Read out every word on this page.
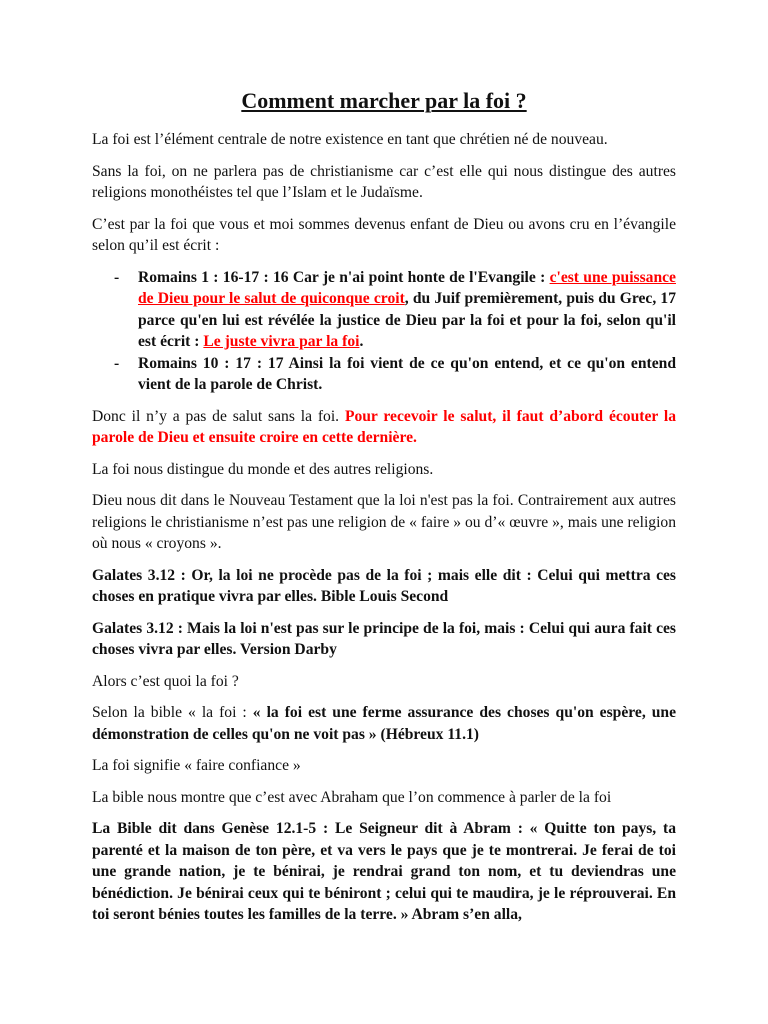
Comment marcher par la foi ?

La foi est l’élément centrale de notre existence en tant que chrétien né de nouveau.

Sans la foi, on ne parlera pas de christianisme car c’est elle qui nous distingue des autres religions monothéistes tel que l’Islam et le Judaïsme.

C’est par la foi que vous et moi sommes devenus enfant de Dieu ou avons cru en l’évangile selon qu’il est écrit :

- Romains 1 : 16-17 : 16 Car je n'ai point honte de l'Evangile : c'est une puissance de Dieu pour le salut de quiconque croit, du Juif premièrement, puis du Grec, 17 parce qu'en lui est révélée la justice de Dieu par la foi et pour la foi, selon qu'il est écrit : Le juste vivra par la foi.
- Romains 10 : 17 : 17 Ainsi la foi vient de ce qu'on entend, et ce qu'on entend vient de la parole de Christ.

Donc il n’y a pas de salut sans la foi. Pour recevoir le salut, il faut d’abord écouter la parole de Dieu et ensuite croire en cette dernière.

La foi nous distingue du monde et des autres religions.

Dieu nous dit dans le Nouveau Testament que la loi n'est pas la foi. Contrairement aux autres religions le christianisme n’est pas une religion de « faire » ou d’« œuvre », mais une religion où nous « croyons ».

Galates 3.12 : Or, la loi ne procède pas de la foi ; mais elle dit : Celui qui mettra ces choses en pratique vivra par elles. Bible Louis Second

Galates 3.12 : Mais la loi n'est pas sur le principe de la foi, mais : Celui qui aura fait ces choses vivra par elles. Version Darby

Alors c’est quoi la foi ?

Selon la bible « la foi : « la foi est une ferme assurance des choses qu'on espère, une démonstration de celles qu'on ne voit pas » (Hébreux 11.1)

La foi signifie « faire confiance »

La bible nous montre que c’est avec Abraham que l’on commence à parler de la foi

La Bible dit dans Genèse 12.1-5 : Le Seigneur dit à Abram : « Quitte ton pays, ta parenté et la maison de ton père, et va vers le pays que je te montrerai. Je ferai de toi une grande nation, je te bénirai, je rendrai grand ton nom, et tu deviendras une bénédiction. Je bénirai ceux qui te béniront ; celui qui te maudira, je le réprouverai. En toi seront bénies toutes les familles de la terre. » Abram s’en alla,
